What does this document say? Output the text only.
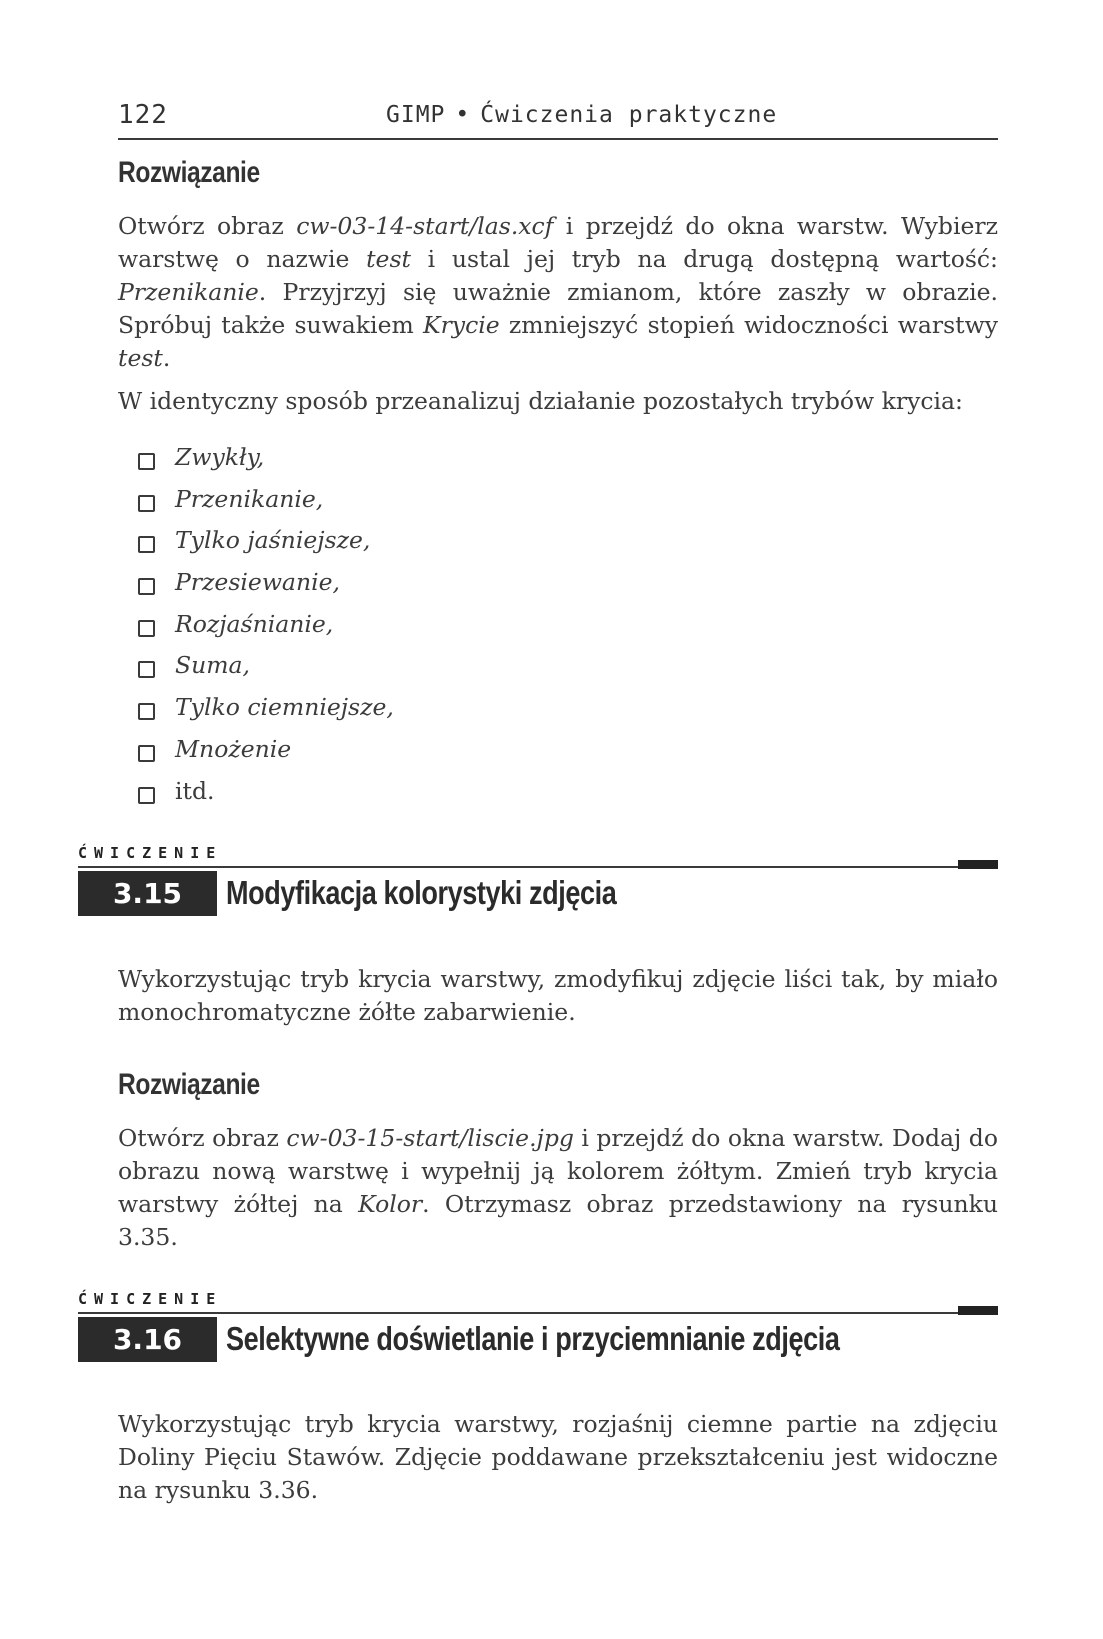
122	GIMP • Ćwiczenia praktyczne
Rozwiązanie

Otwórz obraz cw-03-14-start/las.xcf i przejdź do okna warstw. Wybierz warstwę o nazwie test i ustal jej tryb na drugą dostępną wartość: Przenikanie. Przyjrzyj się uważnie zmianom, które zaszły w obrazie. Spróbuj także suwakiem Krycie zmniejszyć stopień widoczności warstwy test.

W identyczny sposób przeanalizuj działanie pozostałych trybów krycia:

Zwykły,
Przenikanie,
Tylko jaśniejsze,
Przesiewanie,
Rozjaśnianie,
Suma,
Tylko ciemniejsze,
Mnożenie
itd.
ĆWICZENIE
3.15	Modyfikacja kolorystyki zdjęcia

Wykorzystując tryb krycia warstwy, zmodyfikuj zdjęcie liści tak, by miało monochromatyczne żółte zabarwienie.

Rozwiązanie

Otwórz obraz cw-03-15-start/liscie.jpg i przejdź do okna warstw. Dodaj do obrazu nową warstwę i wypełnij ją kolorem żółtym. Zmień tryb krycia warstwy żółtej na Kolor. Otrzymasz obraz przedstawiony na rysunku 3.35.

ĆWICZENIE
3.16	Selektywne doświetlanie i przyciemnianie zdjęcia

Wykorzystując tryb krycia warstwy, rozjaśnij ciemne partie na zdjęciu Doliny Pięciu Stawów. Zdjęcie poddawane przekształceniu jest widoczne na rysunku 3.36.
